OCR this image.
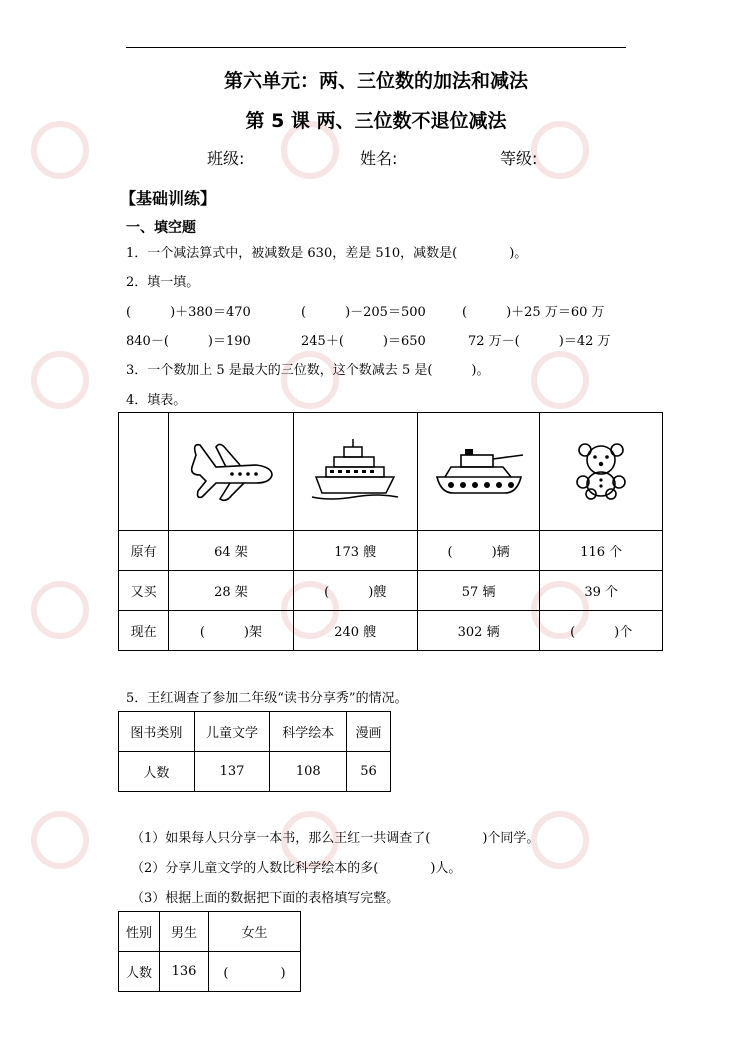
第六单元：两、三位数的加法和减法
第 5 课 两、三位数不退位减法
班级:	姓名:	等级:
【基础训练】
一、填空题
1．一个减法算式中，被减数是 630，差是 510，减数是(　　　　)。
2．填一填。
(　　　)＋380＝470	(　　　)－205＝500	(　　　)＋25 万＝60 万
840－(　　　)＝190	245＋(　　　)＝650	72 万－(　　　)＝42 万
3．一个数加上 5 是最大的三位数，这个数减去 5 是(　　　)。
4．填表。

原有	64 架	173 艘	(　　　)辆	116 个
又买	28 架	(　　　)艘	57 辆	39 个
现在	(　　　)架	240 艘	302 辆	(　　　)个
5．王红调查了参加二年级“读书分享秀”的情况。
图书类别	儿童文学	科学绘本	漫画
人数	137	108	56
（1）如果每人只分享一本书，那么王红一共调查了(　　　　)个同学。
（2）分享儿童文学的人数比科学绘本的多(　　　　)人。
（3）根据上面的数据把下面的表格填写完整。
性别	男生	女生
人数	136	(　　　　)
